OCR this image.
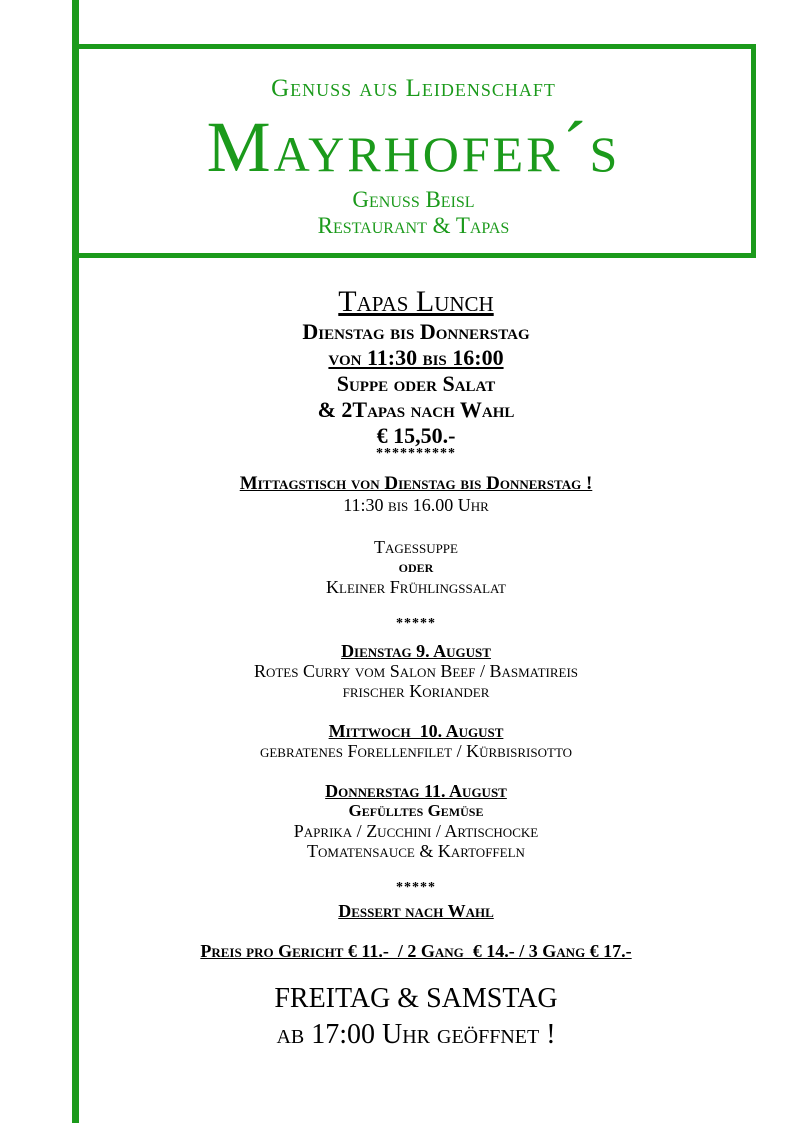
Genuss aus Leidenschaft
Mayrhofer´s
Genuss Beisl
Restaurant & Tapas
Tapas Lunch
Dienstag bis Donnerstag
von 11:30 bis 16:00
Suppe oder Salat
& 2Tapas nach Wahl
€ 15,50.-
**********
Mittagstisch von Dienstag bis Donnerstag !
11:30 bis 16.00 Uhr
Tagessuppe
oder
Kleiner Frühlingssalat
*****
Dienstag 9. August
Rotes Curry vom Salon Beef / Basmatireis
frischer Koriander
Mittwoch  10. August
gebratenes Forellenfilet / Kürbisrisotto
Donnerstag 11. August
Gefülltes Gemüse
Paprika / Zucchini / Artischocke
Tomatensauce & Kartoffeln
*****
Dessert nach Wahl
Preis pro Gericht € 11.-  / 2 Gang  € 14.- / 3 Gang € 17.-
FREITAG & SAMSTAG
ab 17:00 Uhr geöffnet !
